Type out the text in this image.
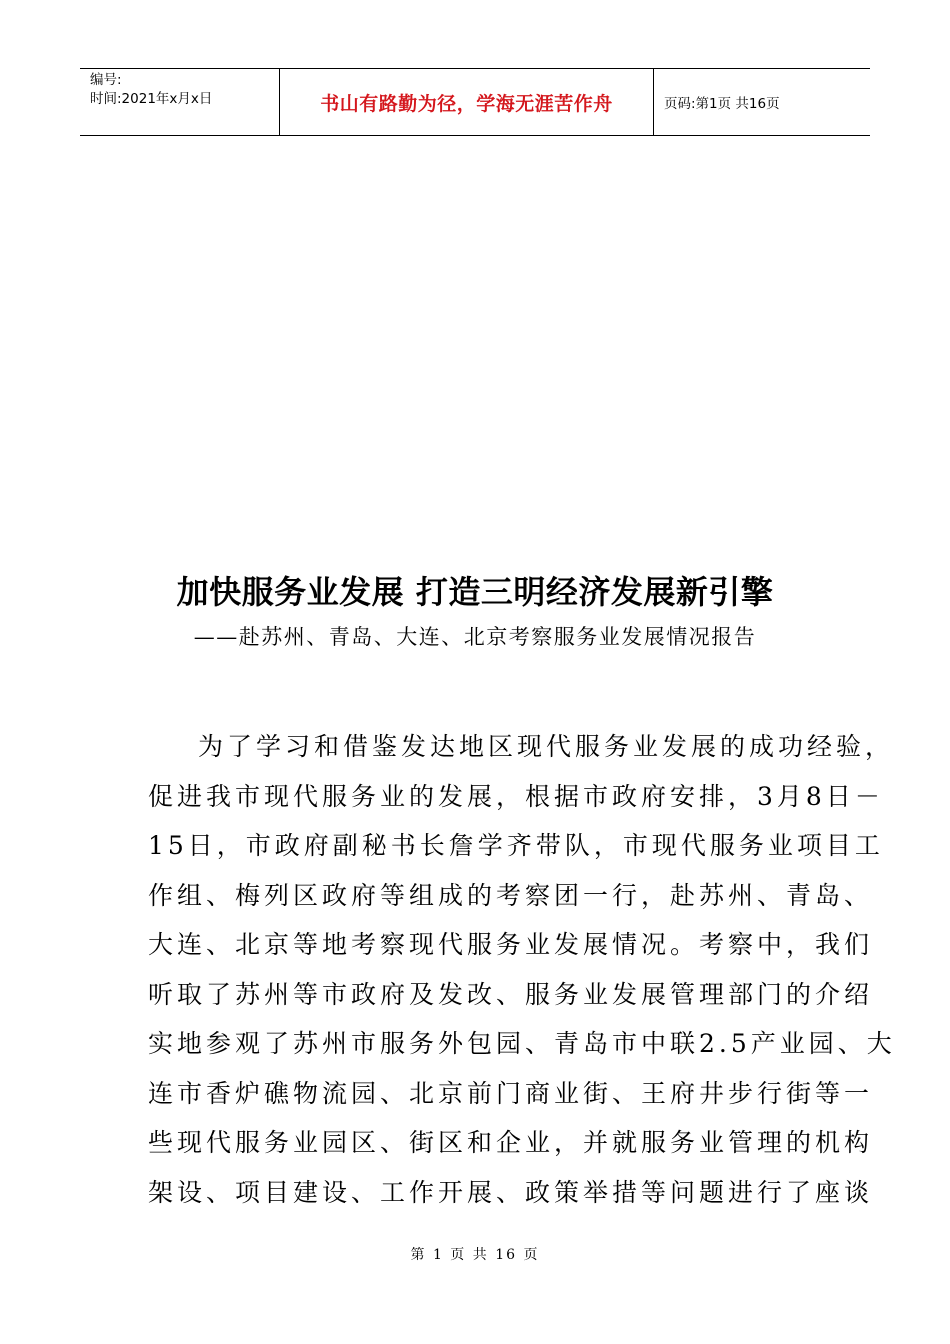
编号:
时间:2021年x月x日	书山有路勤为径，学海无涯苦作舟	页码:第1页 共16页
加快服务业发展 打造三明经济发展新引擎
——赴苏州、青岛、大连、北京考察服务业发展情况报告
为了学习和借鉴发达地区现代服务业发展的成功经验，
促进我市现代服务业的发展，根据市政府安排，3月8日－
15日，市政府副秘书长詹学齐带队，市现代服务业项目工
作组、梅列区政府等组成的考察团一行，赴苏州、青岛、
大连、北京等地考察现代服务业发展情况。考察中，我们
听取了苏州等市政府及发改、服务业发展管理部门的介绍
实地参观了苏州市服务外包园、青岛市中联2.5产业园、大
连市香炉礁物流园、北京前门商业街、王府井步行街等一
些现代服务业园区、街区和企业，并就服务业管理的机构
架设、项目建设、工作开展、政策举措等问题进行了座谈
第 1 页 共 16 页
